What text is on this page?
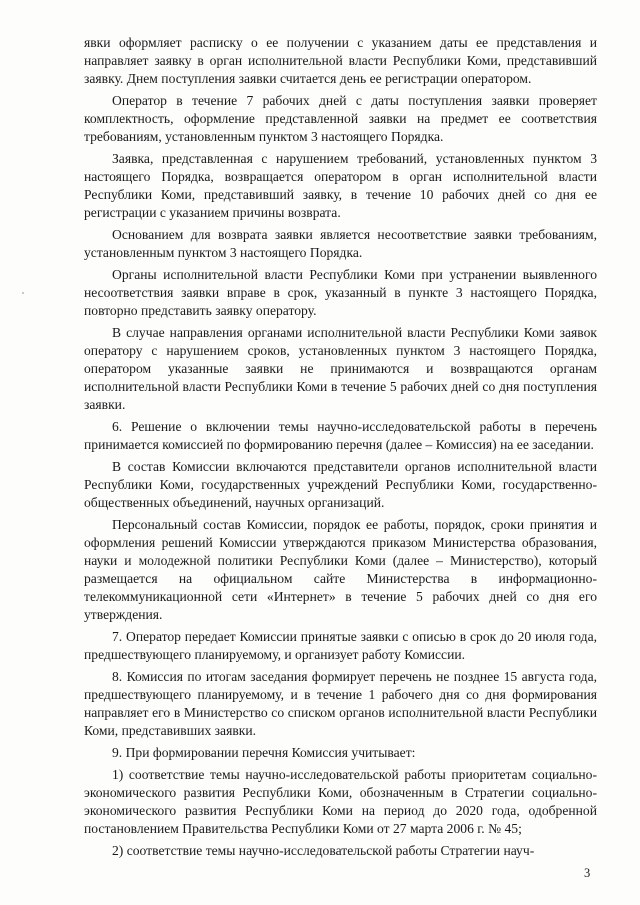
явки оформляет расписку о ее получении с указанием даты ее представления и направляет заявку в орган исполнительной власти Республики Коми, представивший заявку. Днем поступления заявки считается день ее регистрации оператором.

Оператор в течение 7 рабочих дней с даты поступления заявки проверяет комплектность, оформление представленной заявки на предмет ее соответствия требованиям, установленным пунктом 3 настоящего Порядка.

Заявка, представленная с нарушением требований, установленных пунктом 3 настоящего Порядка, возвращается оператором в орган исполнительной власти Республики Коми, представивший заявку, в течение 10 рабочих дней со дня ее регистрации с указанием причины возврата.

Основанием для возврата заявки является несоответствие заявки требованиям, установленным пунктом 3 настоящего Порядка.

Органы исполнительной власти Республики Коми при устранении выявленного несоответствия заявки вправе в срок, указанный в пункте 3 настоящего Порядка, повторно представить заявку оператору.

В случае направления органами исполнительной власти Республики Коми заявок оператору с нарушением сроков, установленных пунктом 3 настоящего Порядка, оператором указанные заявки не принимаются и возвращаются органам исполнительной власти Республики Коми в течение 5 рабочих дней со дня поступления заявки.

6. Решение о включении темы научно-исследовательской работы в перечень принимается комиссией по формированию перечня (далее – Комиссия) на ее заседании.

В состав Комиссии включаются представители органов исполнительной власти Республики Коми, государственных учреждений Республики Коми, государственно-общественных объединений, научных организаций.

Персональный состав Комиссии, порядок ее работы, порядок, сроки принятия и оформления решений Комиссии утверждаются приказом Министерства образования, науки и молодежной политики Республики Коми (далее – Министерство), который размещается на официальном сайте Министерства в информационно-телекоммуникационной сети «Интернет» в течение 5 рабочих дней со дня его утверждения.

7. Оператор передает Комиссии принятые заявки с описью в срок до 20 июля года, предшествующего планируемому, и организует работу Комиссии.

8. Комиссия по итогам заседания формирует перечень не позднее 15 августа года, предшествующего планируемому, и в течение 1 рабочего дня со дня формирования направляет его в Министерство со списком органов исполнительной власти Республики Коми, представивших заявки.

9. При формировании перечня Комиссия учитывает:

1) соответствие темы научно-исследовательской работы приоритетам социально-экономического развития Республики Коми, обозначенным в Стратегии социально-экономического развития Республики Коми на период до 2020 года, одобренной постановлением Правительства Республики Коми от 27 марта 2006 г. № 45;

2) соответствие темы научно-исследовательской работы Стратегии науч-

3
